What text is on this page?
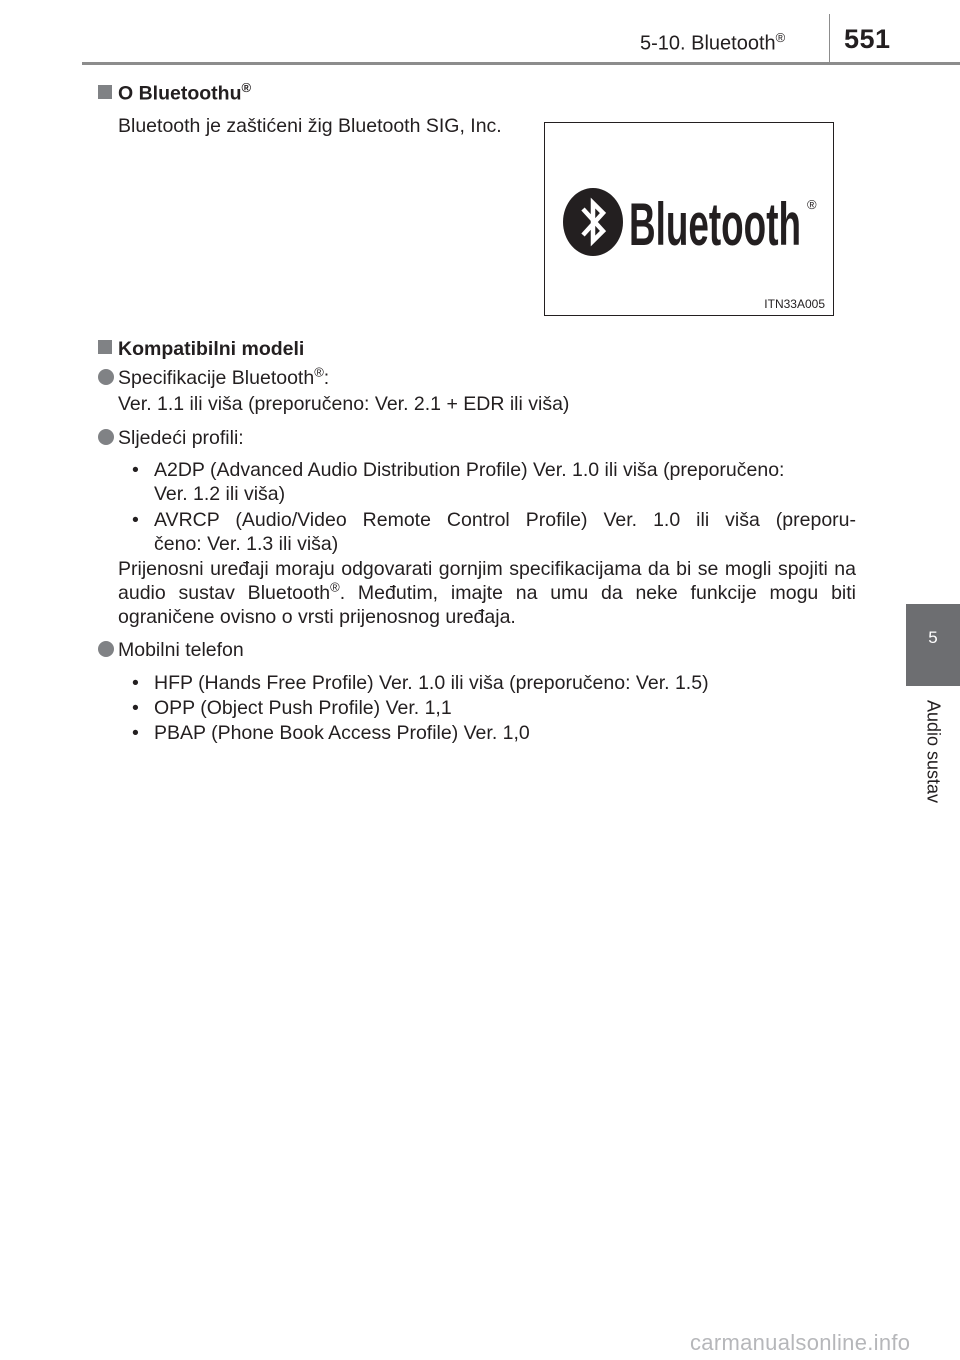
5-10. Bluetooth® 551
5
Audio sustav
O Bluetoothu®
Bluetooth je zaštićeni žig Bluetooth SIG, Inc.
Bluetooth ®
ITN33A005
Kompatibilni modeli
Specifikacije Bluetooth®:
Ver. 1.1 ili viša (preporučeno: Ver. 2.1 + EDR ili viša)
Sljedeći profili:
• A2DP (Advanced Audio Distribution Profile) Ver. 1.0 ili viša (preporučeno:
Ver. 1.2 ili viša)
• AVRCP (Audio/Video Remote Control Profile) Ver. 1.0 ili viša (preporu-
čeno: Ver. 1.3 ili viša)
Prijenosni uređaji moraju odgovarati gornjim specifikacijama da bi se mogli spojiti na audio sustav Bluetooth®. Međutim, imajte na umu da neke funkcije mogu biti ograničene ovisno o vrsti prijenosnog uređaja.
Mobilni telefon
• HFP (Hands Free Profile) Ver. 1.0 ili viša (preporučeno: Ver. 1.5)
• OPP (Object Push Profile) Ver. 1,1
• PBAP (Phone Book Access Profile) Ver. 1,0
carmanualsonline.info
